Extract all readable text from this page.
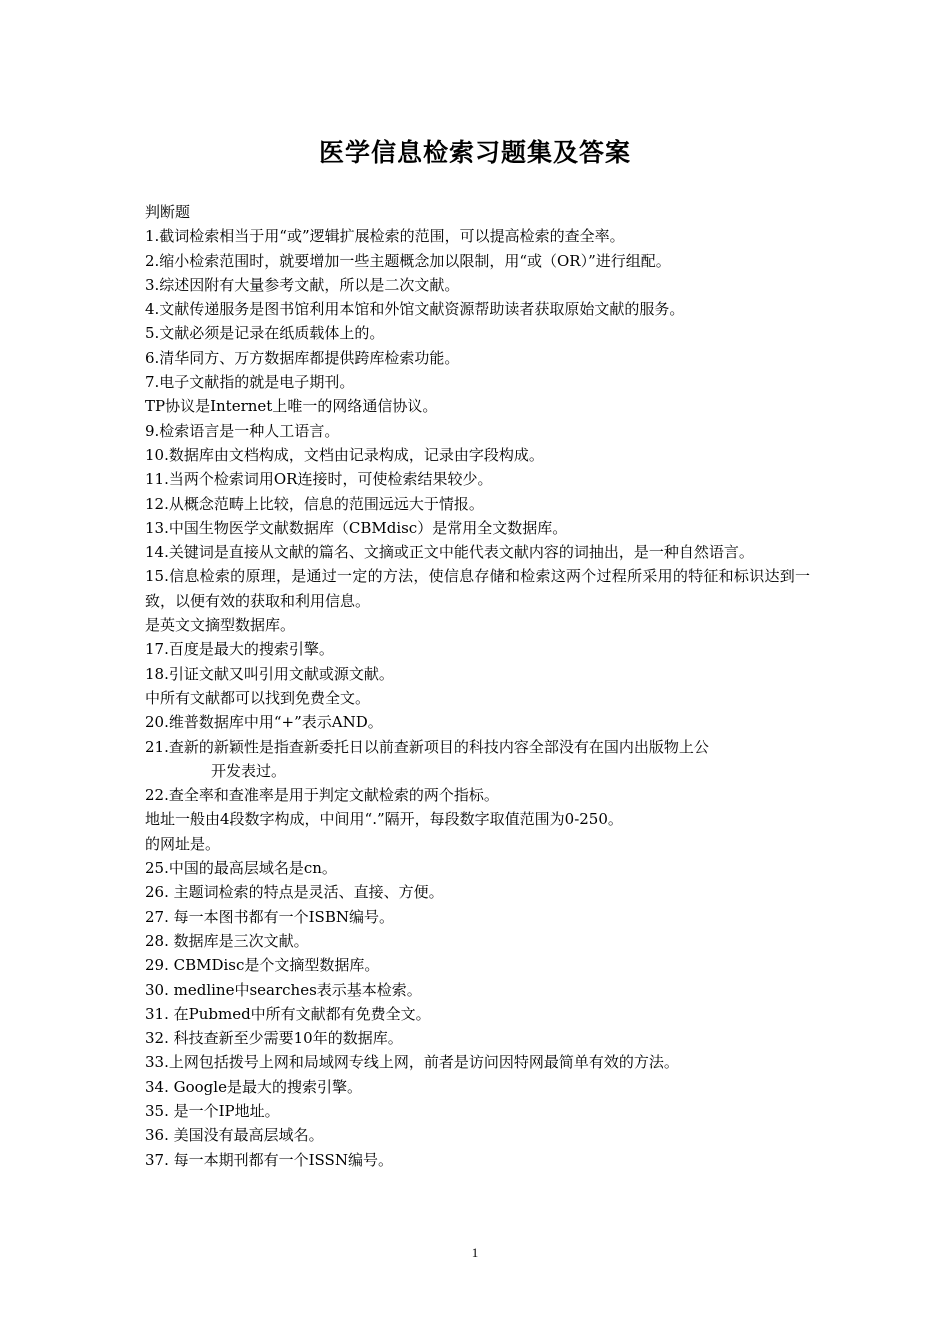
医学信息检索习题集及答案
判断题
1.截词检索相当于用“或”逻辑扩展检索的范围，可以提高检索的查全率。
2.缩小检索范围时，就要增加一些主题概念加以限制，用“或（OR）”进行组配。
3.综述因附有大量参考文献，所以是二次文献。
4.文献传递服务是图书馆利用本馆和外馆文献资源帮助读者获取原始文献的服务。
5.文献必须是记录在纸质载体上的。
6.清华同方、万方数据库都提供跨库检索功能。
7.电子文献指的就是电子期刊。
TP协议是Internet上唯一的网络通信协议。
9.检索语言是一种人工语言。
10.数据库由文档构成，文档由记录构成，记录由字段构成。
11.当两个检索词用OR连接时，可使检索结果较少。
12.从概念范畴上比较，信息的范围远远大于情报。
13.中国生物医学文献数据库（CBMdisc）是常用全文数据库。
14.关键词是直接从文献的篇名、文摘或正文中能代表文献内容的词抽出，是一种自然语言。
15.信息检索的原理，是通过一定的方法，使信息存储和检索这两个过程所采用的特征和标识达到一致，以便有效的获取和利用信息。
是英文文摘型数据库。
17.百度是最大的搜索引擎。
18.引证文献又叫引用文献或源文献。
中所有文献都可以找到免费全文。
20.维普数据库中用“+”表示AND。
21.查新的新颖性是指查新委托日以前查新项目的科技内容全部没有在国内出版物上公
开发表过。
22.查全率和查准率是用于判定文献检索的两个指标。
地址一般由4段数字构成，中间用“.”隔开，每段数字取值范围为0-250。
的网址是。
25.中国的最高层域名是cn。
26. 主题词检索的特点是灵活、直接、方便。
27. 每一本图书都有一个ISBN编号。
28. 数据库是三次文献。
29. CBMDisc是个文摘型数据库。
30. medline中searches表示基本检索。
31. 在Pubmed中所有文献都有免费全文。
32. 科技查新至少需要10年的数据库。
33.上网包括拨号上网和局域网专线上网，前者是访问因特网最简单有效的方法。
34. Google是最大的搜索引擎。
35. 是一个IP地址。
36. 美国没有最高层域名。
37. 每一本期刊都有一个ISSN编号。
1
